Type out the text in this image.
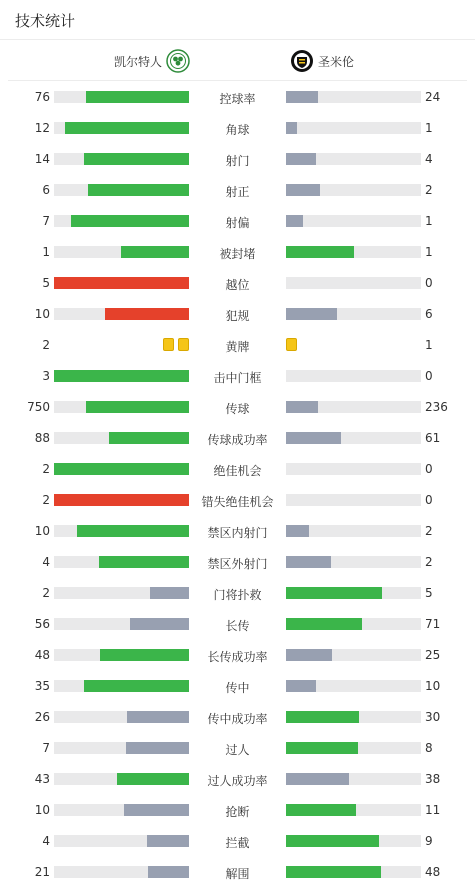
技术统计
凯尔特人	圣米伦
76	控球率	24
12	角球	1
14	射门	4
6	射正	2
7	射偏	1
1	被封堵	1
5	越位	0
10	犯规	6
2	黄牌	1
3	击中门框	0
750	传球	236
88	传球成功率	61
2	绝佳机会	0
2	错失绝佳机会	0
10	禁区内射门	2
4	禁区外射门	2
2	门将扑救	5
56	长传	71
48	长传成功率	25
35	传中	10
26	传中成功率	30
7	过人	8
43	过人成功率	38
10	抢断	11
4	拦截	9
21	解围	48
